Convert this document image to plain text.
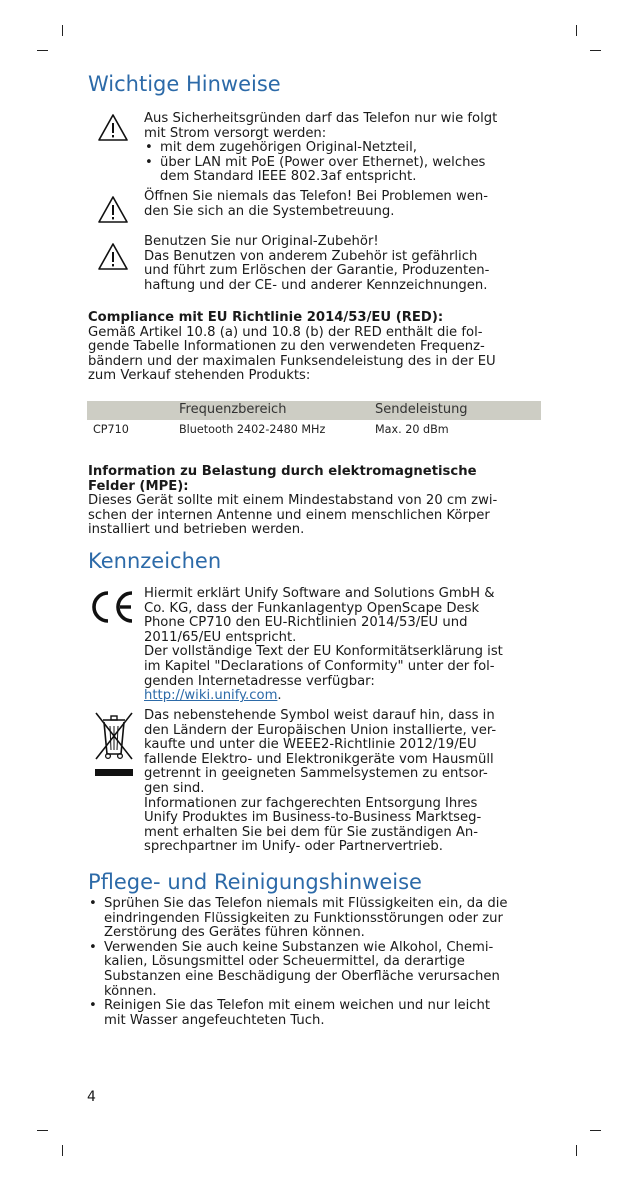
Wichtige Hinweise
Aus Sicherheitsgründen darf das Telefon nur wie folgt
mit Strom versorgt werden:
• mit dem zugehörigen Original-Netzteil,
• über LAN mit PoE (Power over Ethernet), welches
dem Standard IEEE 802.3af entspricht.
Öffnen Sie niemals das Telefon! Bei Problemen wen-
den Sie sich an die Systembetreuung.
Benutzen Sie nur Original-Zubehör!
Das Benutzen von anderem Zubehör ist gefährlich
und führt zum Erlöschen der Garantie, Produzenten-
haftung und der CE- und anderer Kennzeichnungen.
Compliance mit EU Richtlinie 2014/53/EU (RED):
Gemäß Artikel 10.8 (a) und 10.8 (b) der RED enthält die fol-
gende Tabelle Informationen zu den verwendeten Frequenz-
bändern und der maximalen Funksendeleistung des in der EU
zum Verkauf stehenden Produkts:
	Frequenzbereich	Sendeleistung
CP710	Bluetooth 2402-2480 MHz	Max. 20 dBm
Information zu Belastung durch elektromagnetische
Felder (MPE):
Dieses Gerät sollte mit einem Mindestabstand von 20 cm zwi-
schen der internen Antenne und einem menschlichen Körper
installiert und betrieben werden.
Kennzeichen
Hiermit erklärt Unify Software and Solutions GmbH &
Co. KG, dass der Funkanlagentyp OpenScape Desk
Phone CP710 den EU-Richtlinien 2014/53/EU und
2011/65/EU entspricht.
Der vollständige Text der EU Konformitätserklärung ist
im Kapitel "Declarations of Conformity" unter der fol-
genden Internetadresse verfügbar:
http://wiki.unify.com.
Das nebenstehende Symbol weist darauf hin, dass in
den Ländern der Europäischen Union installierte, ver-
kaufte und unter die WEEE2-Richtlinie 2012/19/EU
fallende Elektro- und Elektronikgeräte vom Hausmüll
getrennt in geeigneten Sammelsystemen zu entsor-
gen sind.
Informationen zur fachgerechten Entsorgung Ihres
Unify Produktes im Business-to-Business Marktseg-
ment erhalten Sie bei dem für Sie zuständigen An-
sprechpartner im Unify- oder Partnervertrieb.
Pflege- und Reinigungshinweise
• Sprühen Sie das Telefon niemals mit Flüssigkeiten ein, da die
eindringenden Flüssigkeiten zu Funktionsstörungen oder zur
Zerstörung des Gerätes führen können.
• Verwenden Sie auch keine Substanzen wie Alkohol, Chemi-
kalien, Lösungsmittel oder Scheuermittel, da derartige
Substanzen eine Beschädigung der Oberfläche verursachen
können.
• Reinigen Sie das Telefon mit einem weichen und nur leicht
mit Wasser angefeuchteten Tuch.
4
